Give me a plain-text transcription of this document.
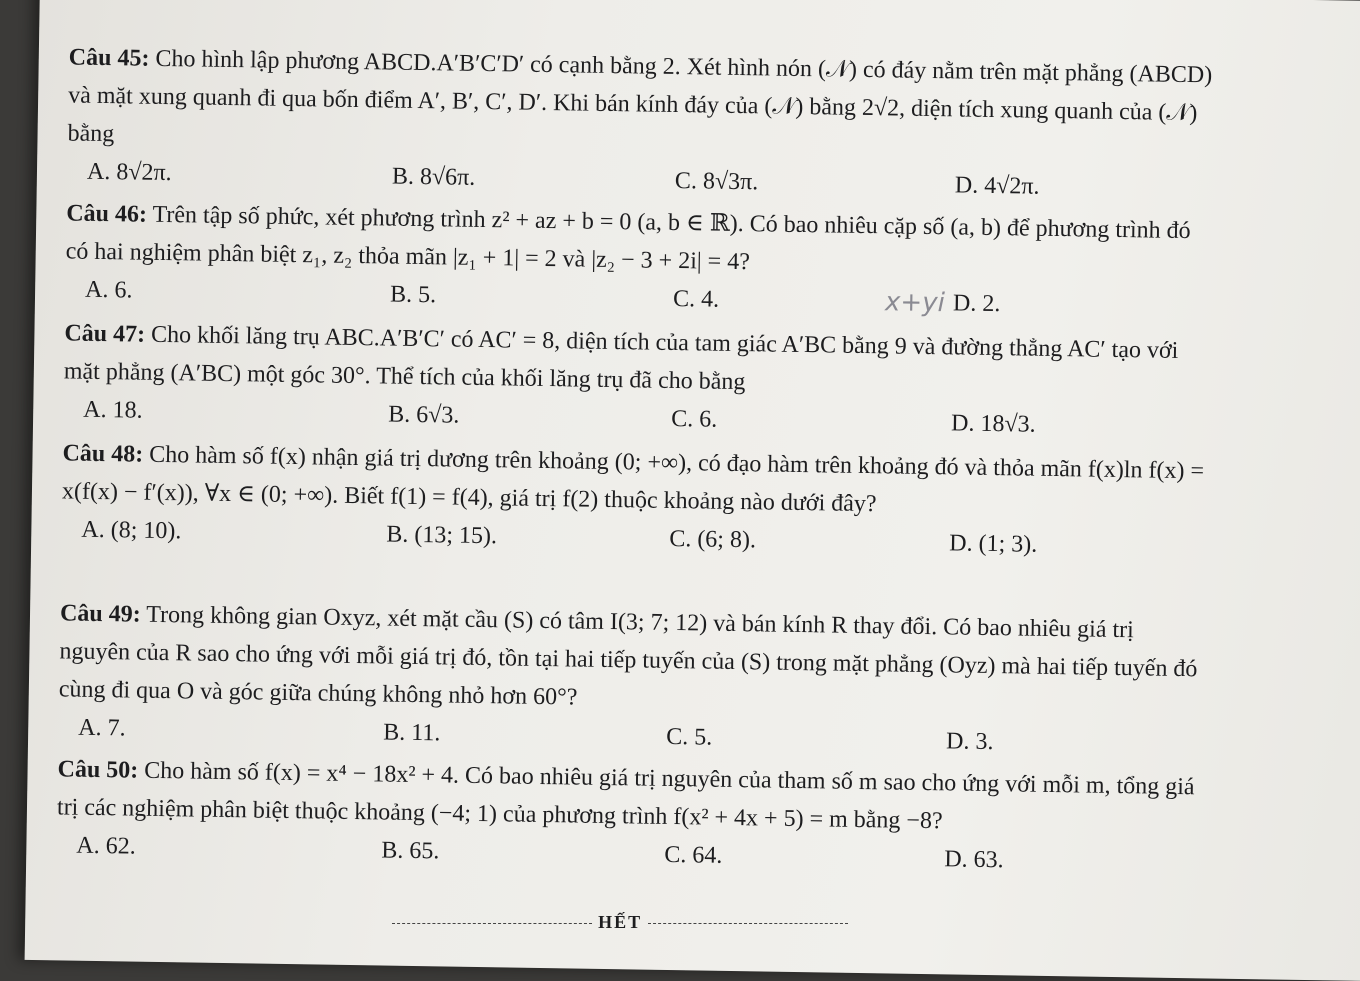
Câu 45: Cho hình lập phương ABCD.A′B′C′D′ có cạnh bằng 2. Xét hình nón (𝒩) có đáy nằm trên mặt phẳng (ABCD) và mặt xung quanh đi qua bốn điểm A′, B′, C′, D′. Khi bán kính đáy của (𝒩) bằng 2√2, diện tích xung quanh của (𝒩) bằng

A. 8√2π.	B. 8√6π.	C. 8√3π.	D. 4√2π.

Câu 46: Trên tập số phức, xét phương trình z² + az + b = 0 (a, b ∈ ℝ). Có bao nhiêu cặp số (a, b) để phương trình đó có hai nghiệm phân biệt z₁, z₂ thỏa mãn |z₁ + 1| = 2 và |z₂ − 3 + 2i| = 4?

A. 6.	B. 5.	C. 4.	D. 2.
x+yi

Câu 47: Cho khối lăng trụ ABC.A′B′C′ có AC′ = 8, diện tích của tam giác A′BC bằng 9 và đường thẳng AC′ tạo với mặt phẳng (A′BC) một góc 30°. Thể tích của khối lăng trụ đã cho bằng

A. 18.	B. 6√3.	C. 6.	D. 18√3.

Câu 48: Cho hàm số f(x) nhận giá trị dương trên khoảng (0; +∞), có đạo hàm trên khoảng đó và thỏa mãn f(x)ln f(x) = x(f(x) − f′(x)), ∀x ∈ (0; +∞). Biết f(1) = f(4), giá trị f(2) thuộc khoảng nào dưới đây?

A. (8; 10).	B. (13; 15).	C. (6; 8).	D. (1; 3).

Câu 49: Trong không gian Oxyz, xét mặt cầu (S) có tâm I(3; 7; 12) và bán kính R thay đổi. Có bao nhiêu giá trị nguyên của R sao cho ứng với mỗi giá trị đó, tồn tại hai tiếp tuyến của (S) trong mặt phẳng (Oyz) mà hai tiếp tuyến đó cùng đi qua O và góc giữa chúng không nhỏ hơn 60°?

A. 7.	B. 11.	C. 5.	D. 3.

Câu 50: Cho hàm số f(x) = x⁴ − 18x² + 4. Có bao nhiêu giá trị nguyên của tham số m sao cho ứng với mỗi m, tổng giá trị các nghiệm phân biệt thuộc khoảng (−4; 1) của phương trình f(x² + 4x + 5) = m bằng −8?

A. 62.	B. 65.	C. 64.	D. 63.
HẾT
